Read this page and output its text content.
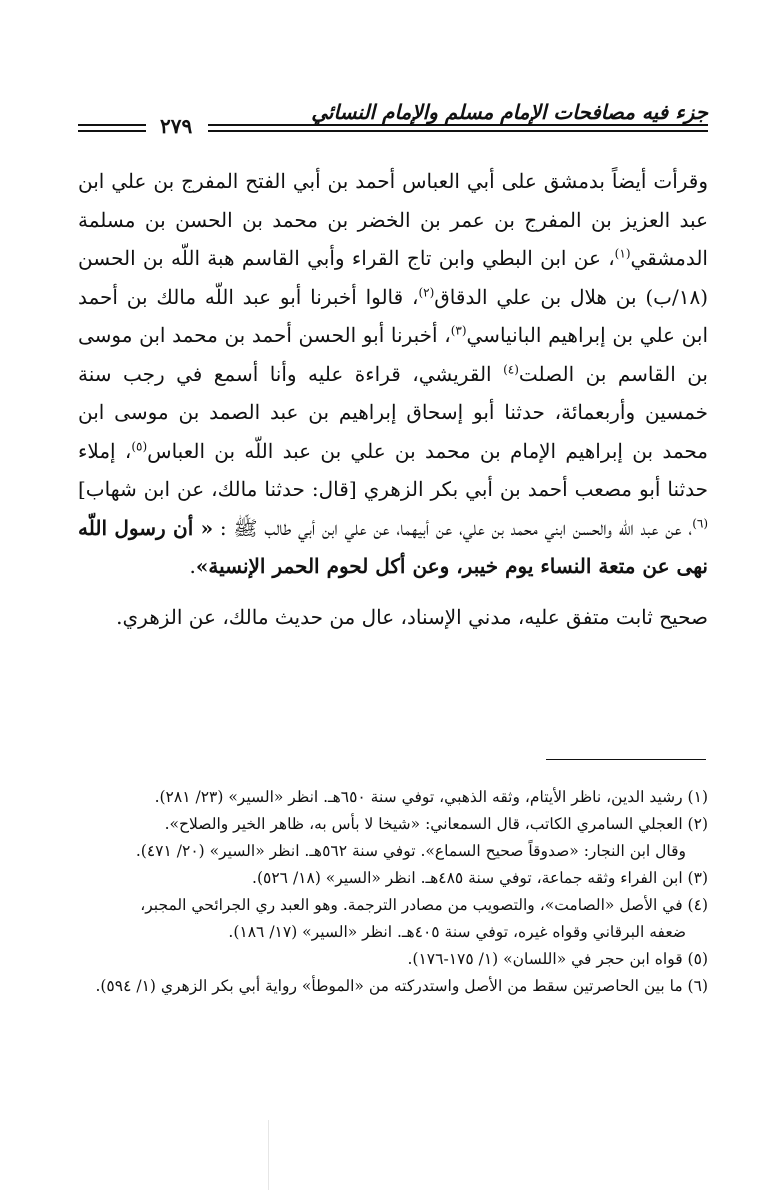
جزء فيه مصافحات الإمام مسلم والإمام النسائي
٢٧٩

وقرأت أيضاً بدمشق على أبي العباس أحمد بن أبي الفتح المفرج بن علي ابن عبد العزيز بن المفرج بن عمر بن الخضر بن محمد بن الحسن بن مسلمة الدمشقي$^{(١)}$، عن ابن البطي وابن تاج القراء وأبي القاسم هبة اللّه بن الحسن (١٨/ب) بن هلال بن علي الدقاق$^{(٢)}$، قالوا أخبرنا أبو عبد اللّه مالك بن أحمد ابن علي بن إبراهيم البانياسي$^{(٣)}$، أخبرنا أبو الحسن أحمد بن محمد ابن موسى بن القاسم بن الصلت$^{(٤)}$ القريشي، قراءة عليه وأنا أسمع في رجب سنة خمسين وأربعمائة، حدثنا أبو إسحاق إبراهيم بن عبد الصمد بن موسى ابن محمد بن إبراهيم الإمام بن محمد بن علي بن عبد اللّه بن العباس$^{(٥)}$، إملاء حدثنا أبو مصعب أحمد بن أبي بكر الزهري [قال: حدثنا مالك، عن ابن شهاب]$^{(٦)}$، عن عبد اللّه والحسن ابني محمد بن علي، عن أبيهما، عن علي ابن أبي طالب ﷺ : « أن رسول اللّه نهى عن متعة النساء يوم خيبر، وعن أكل لحوم الحمر الإنسية».

صحيح ثابت متفق عليه، مدني الإسناد، عال من حديث مالك، عن الزهري.

(١) رشيد الدين، ناظر الأيتام، وثقه الذهبي، توفي سنة ٦٥٠هـ. انظر «السير» (٢٣/ ٢٨١).

(٢) العجلي السامري الكاتب، قال السمعاني: «شيخا لا بأس به، ظاهر الخير والصلاح».

وقال ابن النجار: «صدوقاً صحيح السماع». توفي سنة ٥٦٢هـ. انظر «السير» (٢٠/ ٤٧١).

(٣) ابن الفراء وثقه جماعة، توفي سنة ٤٨٥هـ. انظر «السير» (١٨/ ٥٢٦).

(٤) في الأصل «الصامت»، والتصويب من مصادر الترجمة. وهو العبد ري الجرائحي المجبر،

ضعفه البرقاني وقواه غيره، توفي سنة ٤٠٥هـ. انظر «السير» (١٧/ ١٨٦).

(٥) قواه ابن حجر في «اللسان» (١/ ١٧٥-١٧٦).

(٦) ما بين الحاصرتين سقط من الأصل واستدركته من «الموطأ» رواية أبي بكر الزهري (١/ ٥٩٤).
